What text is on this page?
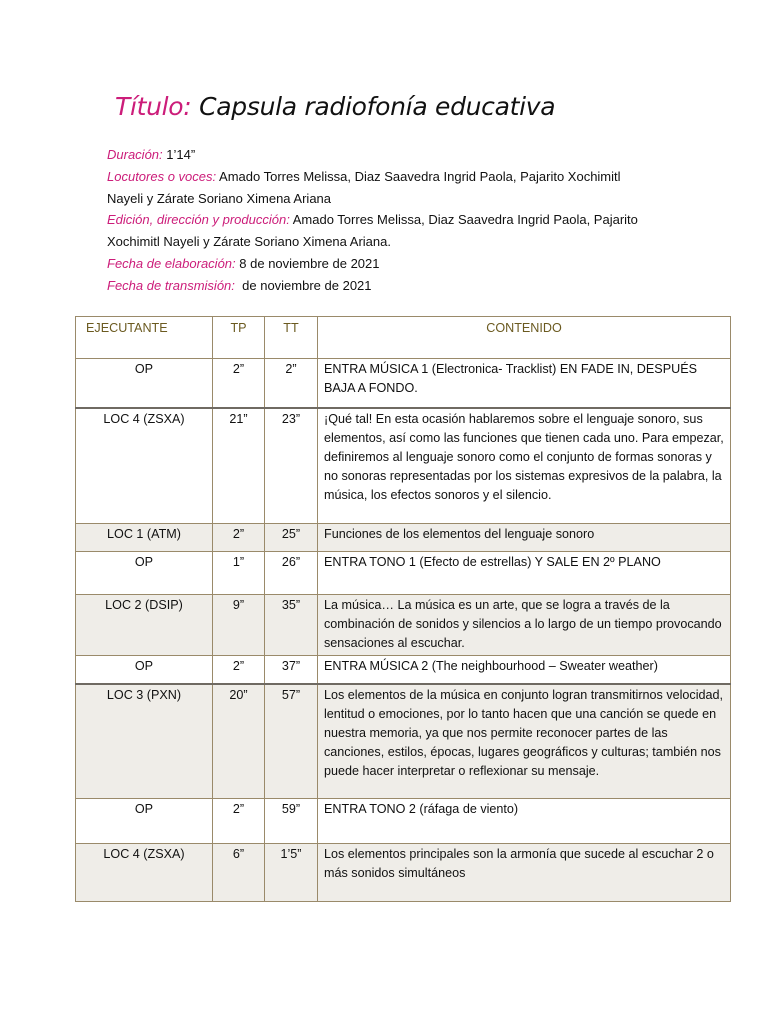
Título: Capsula radiofonía educativa

Duración: 1’14”

Locutores o voces: Amado Torres Melissa, Diaz Saavedra Ingrid Paola, Pajarito Xochimitl

Nayeli y Zárate Soriano Ximena Ariana

Edición, dirección y producción: Amado Torres Melissa, Diaz Saavedra Ingrid Paola, Pajarito

Xochimitl Nayeli y Zárate Soriano Ximena Ariana.

Fecha de elaboración: 8 de noviembre de 2021

Fecha de transmisión: de noviembre de 2021

EJECUTANTE	TP	TT	CONTENIDO
OP	2”	2”	ENTRA MÚSICA 1 (Electronica- Tracklist) EN FADE IN, DESPUÉS BAJA A FONDO.
LOC 4 (ZSXA)	21”	23”	¡Qué tal! En esta ocasión hablaremos sobre el lenguaje sonoro, sus elementos, así como las funciones que tienen cada uno. Para empezar, definiremos al lenguaje sonoro como el conjunto de formas sonoras y no sonoras representadas por los sistemas expresivos de la palabra, la música, los efectos sonoros y el silencio.
LOC 1 (ATM)	2”	25”	Funciones de los elementos del lenguaje sonoro
OP	1”	26”	ENTRA TONO 1 (Efecto de estrellas) Y SALE EN 2º PLANO
LOC 2 (DSIP)	9”	35”	La música… La música es un arte, que se logra a través de la combinación de sonidos y silencios a lo largo de un tiempo provocando sensaciones al escuchar.
OP	2”	37”	ENTRA MÚSICA 2 (The neighbourhood – Sweater weather)
LOC 3 (PXN)	20”	57”	Los elementos de la música en conjunto logran transmitirnos velocidad, lentitud o emociones, por lo tanto hacen que una canción se quede en nuestra memoria, ya que nos permite reconocer partes de las canciones, estilos, épocas, lugares geográficos y culturas; también nos puede hacer interpretar o reflexionar su mensaje.
OP	2”	59”	ENTRA TONO 2 (ráfaga de viento)
LOC 4 (ZSXA)	6”	1’5”	Los elementos principales son la armonía que sucede al escuchar 2 o más sonidos simultáneos
